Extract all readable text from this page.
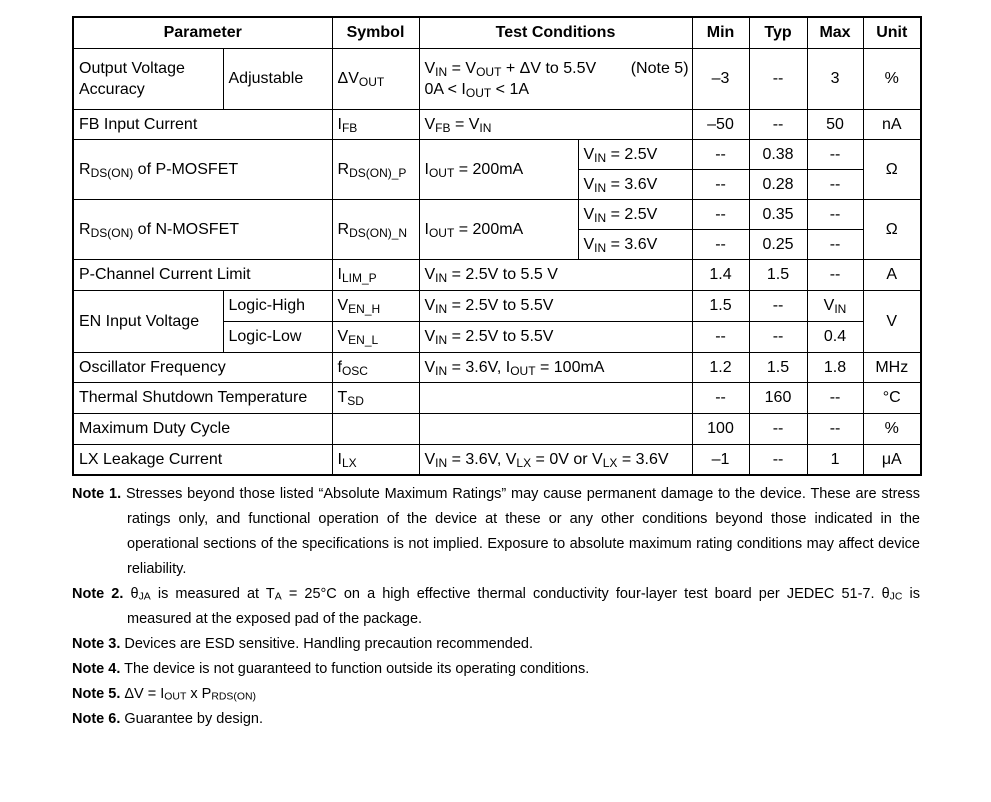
Parameter		Symbol	Test Conditions		Min	Typ	Max	Unit
Output Voltage Accuracy	Adjustable	ΔVOUT	VIN = VOUT + ΔV to 5.5V (Note 5)
0A < IOUT < 1A		–3	--	3	%
FB Input Current		IFB	VFB = VIN		–50	--	50	nA
RDS(ON) of P-MOSFET		RDS(ON)_P	IOUT = 200mA	VIN = 2.5V	--	0.38	--	Ω
				VIN = 3.6V	--	0.28	--	
RDS(ON) of N-MOSFET		RDS(ON)_N	IOUT = 200mA	VIN = 2.5V	--	0.35	--	Ω
				VIN = 3.6V	--	0.25	--	
P-Channel Current Limit		ILIM_P	VIN = 2.5V to 5.5 V		1.4	1.5	--	A
EN Input Voltage	Logic-High	VEN_H	VIN = 2.5V to 5.5V		1.5	--	VIN	V
	Logic-Low	VEN_L	VIN = 2.5V to 5.5V		--	--	0.4	
Oscillator Frequency		fOSC	VIN = 3.6V, IOUT = 100mA		1.2	1.5	1.8	MHz
Thermal Shutdown Temperature		TSD			--	160	--	°C
Maximum Duty Cycle					100	--	--	%
LX Leakage Current		ILX	VIN = 3.6V, VLX = 0V or VLX = 3.6V		–1	--	1	μA
Note 1. Stresses beyond those listed “Absolute Maximum Ratings” may cause permanent damage to the device. These are stress ratings only, and functional operation of the device at these or any other conditions beyond those indicated in the operational sections of the specifications is not implied. Exposure to absolute maximum rating conditions may affect device reliability.
Note 2. θJA is measured at TA = 25°C on a high effective thermal conductivity four-layer test board per JEDEC 51-7. θJC is measured at the exposed pad of the package.
Note 3. Devices are ESD sensitive. Handling precaution recommended.
Note 4. The device is not guaranteed to function outside its operating conditions.
Note 5. ΔV = IOUT x PRDS(ON)
Note 6. Guarantee by design.
